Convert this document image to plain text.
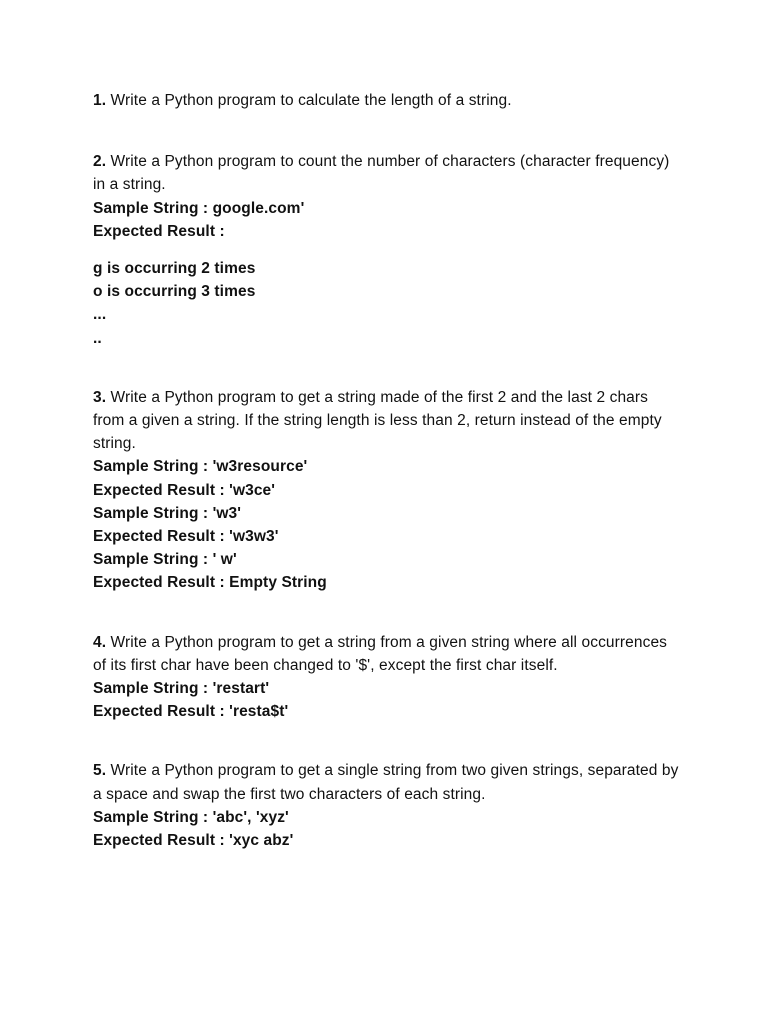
1. Write a Python program to calculate the length of a string.

2. Write a Python program to count the number of characters (character frequency) in a string.

Sample String : google.com'
Expected Result :
g is occurring 2 times
o is occurring 3 times
...
..

3. Write a Python program to get a string made of the first 2 and the last 2 chars from a given a string. If the string length is less than 2, return instead of the empty string.

Sample String : 'w3resource'
Expected Result : 'w3ce'
Sample String : 'w3'
Expected Result : 'w3w3'
Sample String : ' w'
Expected Result : Empty String

4. Write a Python program to get a string from a given string where all occurrences of its first char have been changed to '$', except the first char itself.

Sample String : 'restart'
Expected Result : 'resta$t'

5. Write a Python program to get a single string from two given strings, separated by a space and swap the first two characters of each string.

Sample String : 'abc', 'xyz'
Expected Result : 'xyc abz'
